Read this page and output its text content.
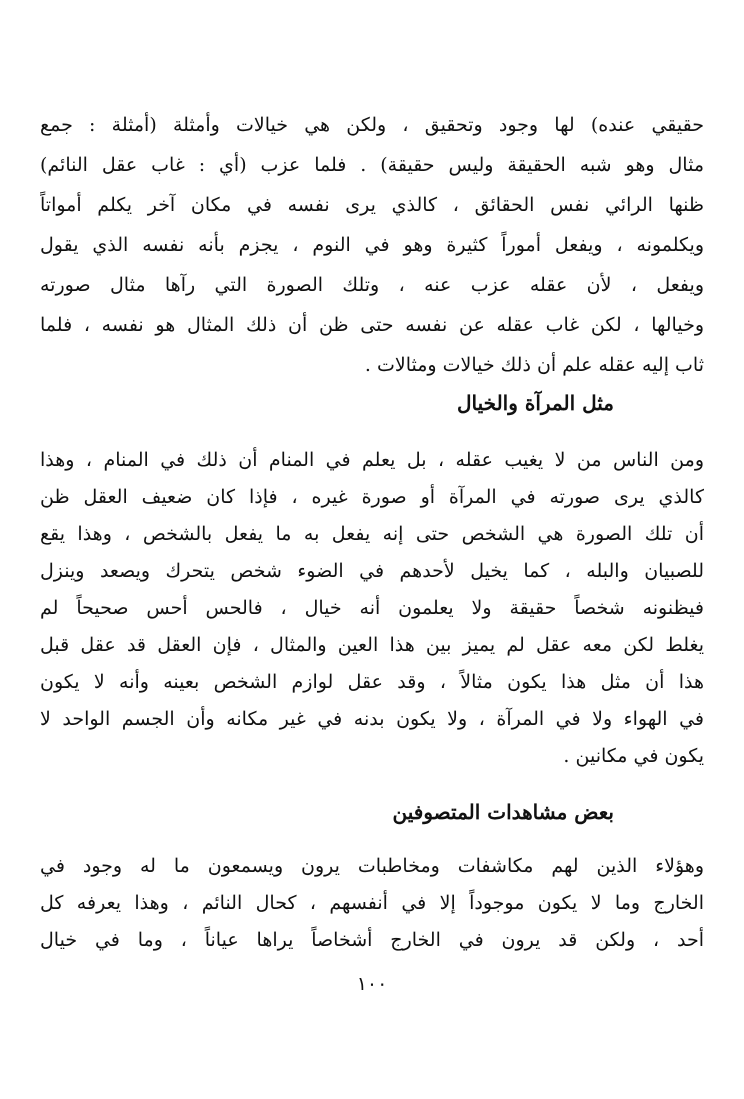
حقيقي عنده) لها وجود وتحقيق ، ولكن هي خيالات وأمثلة (أمثلة : جمع
مثال وهو شبه الحقيقة وليس حقيقة) . فلما عزب (أي : غاب عقل النائم)
ظنها الرائي نفس الحقائق ، كالذي يرى نفسه في مكان آخر يكلم أمواتاً
ويكلمونه ، ويفعل أموراً كثيرة وهو في النوم ، يجزم بأنه نفسه الذي يقول
ويفعل ، لأن عقله عزب عنه ، وتلك الصورة التي رآها مثال صورته
وخيالها ، لكن غاب عقله عن نفسه حتى ظن أن ذلك المثال هو نفسه ، فلما
ثاب إليه عقله علم أن ذلك خيالات ومثالات .
مثل المرآة والخيال
ومن الناس من لا يغيب عقله ، بل يعلم في المنام أن ذلك في المنام ، وهذا
كالذي يرى صورته في المرآة أو صورة غيره ، فإذا كان ضعيف العقل ظن
أن تلك الصورة هي الشخص حتى إنه يفعل به ما يفعل بالشخص ، وهذا يقع
للصبيان والبله ، كما يخيل لأحدهم في الضوء شخص يتحرك ويصعد وينزل
فيظنونه شخصاً حقيقة ولا يعلمون أنه خيال ، فالحس أحس صحيحاً لم
يغلط لكن معه عقل لم يميز بين هذا العين والمثال ، فإن العقل قد عقل قبل
هذا أن مثل هذا يكون مثالاً ، وقد عقل لوازم الشخص بعينه وأنه لا يكون
في الهواء ولا في المرآة ، ولا يكون بدنه في غير مكانه وأن الجسم الواحد لا
يكون في مكانين .
بعض مشاهدات المتصوفين
وهؤلاء الذين لهم مكاشفات ومخاطبات يرون ويسمعون ما له وجود في
الخارج وما لا يكون موجوداً إلا في أنفسهم ، كحال النائم ، وهذا يعرفه كل
أحد ، ولكن قد يرون في الخارج أشخاصاً يراها عياناً ، وما في خيال
١٠٠
